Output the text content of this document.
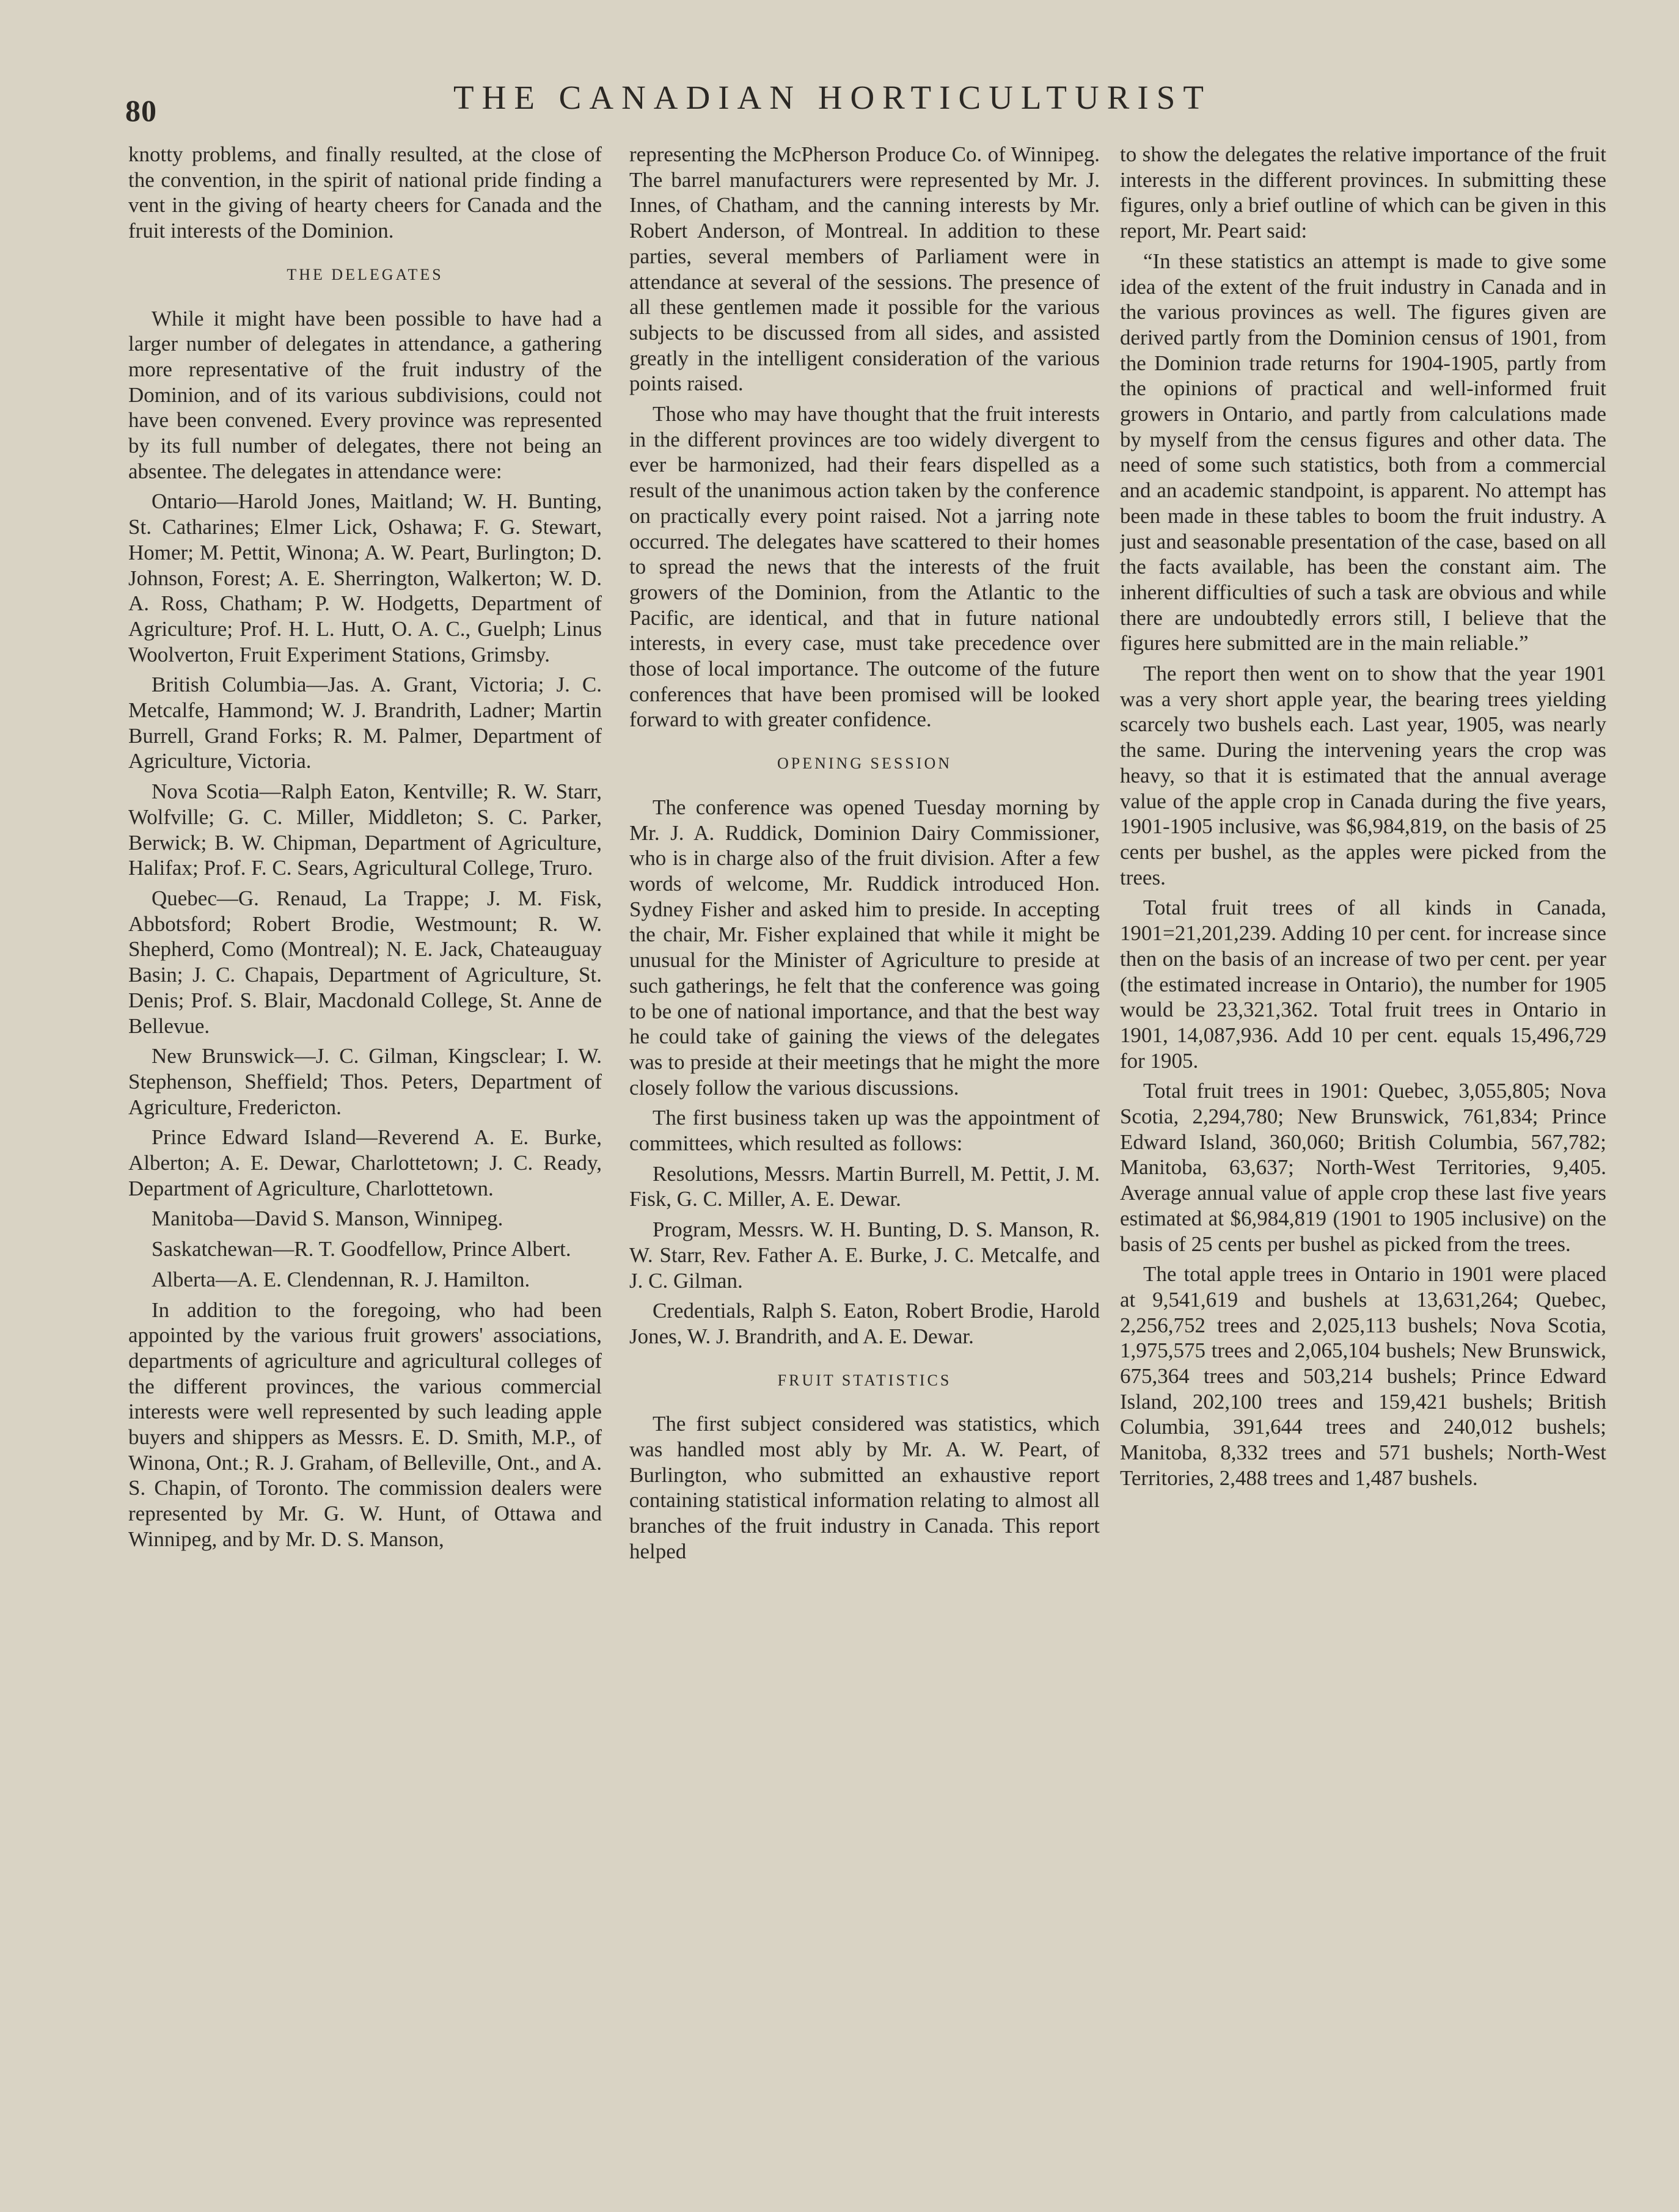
80	THE CANADIAN HORTICULTURIST

knotty problems, and finally resulted, at the close of the convention, in the spirit of national pride finding a vent in the giving of hearty cheers for Canada and the fruit interests of the Dominion.

THE DELEGATES

While it might have been possible to have had a larger number of delegates in attendance, a gathering more representative of the fruit industry of the Dominion, and of its various subdivisions, could not have been convened. Every province was represented by its full number of delegates, there not being an absentee. The delegates in attendance were:

Ontario—Harold Jones, Maitland; W. H. Bunting, St. Catharines; Elmer Lick, Oshawa; F. G. Stewart, Homer; M. Pettit, Winona; A. W. Peart, Burlington; D. Johnson, Forest; A. E. Sherrington, Walkerton; W. D. A. Ross, Chatham; P. W. Hodgetts, Department of Agriculture; Prof. H. L. Hutt, O. A. C., Guelph; Linus Woolverton, Fruit Experiment Stations, Grimsby.

British Columbia—Jas. A. Grant, Victoria; J. C. Metcalfe, Hammond; W. J. Brandrith, Ladner; Martin Burrell, Grand Forks; R. M. Palmer, Department of Agriculture, Victoria.

Nova Scotia—Ralph Eaton, Kentville; R. W. Starr, Wolfville; G. C. Miller, Middleton; S. C. Parker, Berwick; B. W. Chipman, Department of Agriculture, Halifax; Prof. F. C. Sears, Agricultural College, Truro.

Quebec—G. Renaud, La Trappe; J. M. Fisk, Abbotsford; Robert Brodie, Westmount; R. W. Shepherd, Como (Montreal); N. E. Jack, Chateauguay Basin; J. C. Chapais, Department of Agriculture, St. Denis; Prof. S. Blair, Macdonald College, St. Anne de Bellevue.

New Brunswick—J. C. Gilman, Kingsclear; I. W. Stephenson, Sheffield; Thos. Peters, Department of Agriculture, Fredericton.

Prince Edward Island—Reverend A. E. Burke, Alberton; A. E. Dewar, Charlottetown; J. C. Ready, Department of Agriculture, Charlottetown.

Manitoba—David S. Manson, Winnipeg.

Saskatchewan—R. T. Goodfellow, Prince Albert.

Alberta—A. E. Clendennan, R. J. Hamilton.

In addition to the foregoing, who had been appointed by the various fruit growers' associations, departments of agriculture and agricultural colleges of the different provinces, the various commercial interests were well represented by such leading apple buyers and shippers as Messrs. E. D. Smith, M.P., of Winona, Ont.; R. J. Graham, of Belleville, Ont., and A. S. Chapin, of Toronto. The commission dealers were represented by Mr. G. W. Hunt, of Ottawa and Winnipeg, and by Mr. D. S. Manson,

representing the McPherson Produce Co. of Winnipeg. The barrel manufacturers were represented by Mr. J. Innes, of Chatham, and the canning interests by Mr. Robert Anderson, of Montreal. In addition to these parties, several members of Parliament were in attendance at several of the sessions. The presence of all these gentlemen made it possible for the various subjects to be discussed from all sides, and assisted greatly in the intelligent consideration of the various points raised.

Those who may have thought that the fruit interests in the different provinces are too widely divergent to ever be harmonized, had their fears dispelled as a result of the unanimous action taken by the conference on practically every point raised. Not a jarring note occurred. The delegates have scattered to their homes to spread the news that the interests of the fruit growers of the Dominion, from the Atlantic to the Pacific, are identical, and that in future national interests, in every case, must take precedence over those of local importance. The outcome of the future conferences that have been promised will be looked forward to with greater confidence.

OPENING SESSION

The conference was opened Tuesday morning by Mr. J. A. Ruddick, Dominion Dairy Commissioner, who is in charge also of the fruit division. After a few words of welcome, Mr. Ruddick introduced Hon. Sydney Fisher and asked him to preside. In accepting the chair, Mr. Fisher explained that while it might be unusual for the Minister of Agriculture to preside at such gatherings, he felt that the conference was going to be one of national importance, and that the best way he could take of gaining the views of the delegates was to preside at their meetings that he might the more closely follow the various discussions.

The first business taken up was the appointment of committees, which resulted as follows:

Resolutions, Messrs. Martin Burrell, M. Pettit, J. M. Fisk, G. C. Miller, A. E. Dewar.

Program, Messrs. W. H. Bunting, D. S. Manson, R. W. Starr, Rev. Father A. E. Burke, J. C. Metcalfe, and J. C. Gilman.

Credentials, Ralph S. Eaton, Robert Brodie, Harold Jones, W. J. Brandrith, and A. E. Dewar.

FRUIT STATISTICS

The first subject considered was statistics, which was handled most ably by Mr. A. W. Peart, of Burlington, who submitted an exhaustive report containing statistical information relating to almost all branches of the fruit industry in Canada. This report helped

to show the delegates the relative importance of the fruit interests in the different provinces. In submitting these figures, only a brief outline of which can be given in this report, Mr. Peart said:

“In these statistics an attempt is made to give some idea of the extent of the fruit industry in Canada and in the various provinces as well. The figures given are derived partly from the Dominion census of 1901, from the Dominion trade returns for 1904-1905, partly from the opinions of practical and well-informed fruit growers in Ontario, and partly from calculations made by myself from the census figures and other data. The need of some such statistics, both from a commercial and an academic standpoint, is apparent. No attempt has been made in these tables to boom the fruit industry. A just and seasonable presentation of the case, based on all the facts available, has been the constant aim. The inherent difficulties of such a task are obvious and while there are undoubtedly errors still, I believe that the figures here submitted are in the main reliable.”

The report then went on to show that the year 1901 was a very short apple year, the bearing trees yielding scarcely two bushels each. Last year, 1905, was nearly the same. During the intervening years the crop was heavy, so that it is estimated that the annual average value of the apple crop in Canada during the five years, 1901-1905 inclusive, was $6,984,819, on the basis of 25 cents per bushel, as the apples were picked from the trees.

Total fruit trees of all kinds in Canada, 1901=21,201,239. Adding 10 per cent. for increase since then on the basis of an increase of two per cent. per year (the estimated increase in Ontario), the number for 1905 would be 23,321,362. Total fruit trees in Ontario in 1901, 14,087,936. Add 10 per cent. equals 15,496,729 for 1905.

Total fruit trees in 1901: Quebec, 3,055,805; Nova Scotia, 2,294,780; New Brunswick, 761,834; Prince Edward Island, 360,060; British Columbia, 567,782; Manitoba, 63,637; North-West Territories, 9,405. Average annual value of apple crop these last five years estimated at $6,984,819 (1901 to 1905 inclusive) on the basis of 25 cents per bushel as picked from the trees.

The total apple trees in Ontario in 1901 were placed at 9,541,619 and bushels at 13,631,264; Quebec, 2,256,752 trees and 2,025,113 bushels; Nova Scotia, 1,975,575 trees and 2,065,104 bushels; New Brunswick, 675,364 trees and 503,214 bushels; Prince Edward Island, 202,100 trees and 159,421 bushels; British Columbia, 391,644 trees and 240,012 bushels; Manitoba, 8,332 trees and 571 bushels; North-West Territories, 2,488 trees and 1,487 bushels.
